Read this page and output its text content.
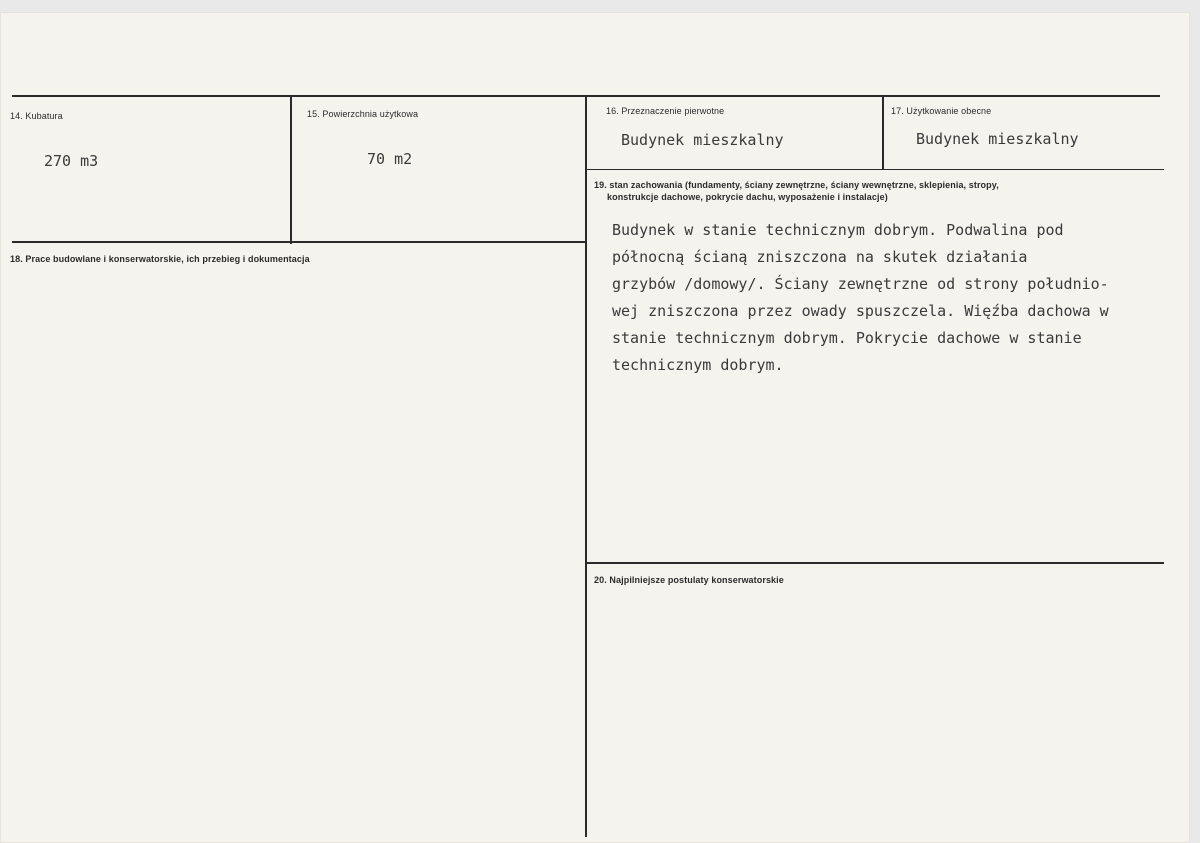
14. Kubatura
270 m3
15. Powierzchnia użytkowa
70 m2
16. Przeznaczenie pierwotne
Budynek mieszkalny
17. Użytkowanie obecne
Budynek mieszkalny
18. Prace budowlane i konserwatorskie, ich przebieg i dokumentacja
19. stan zachowania (fundamenty, ściany zewnętrzne, ściany wewnętrzne, sklepienia, stropy,
konstrukcje dachowe, pokrycie dachu, wyposażenie i instalacje)
Budynek w stanie technicznym dobrym. Podwalina pod
północną ścianą zniszczona na skutek działania
grzybów /domowy/. Ściany zewnętrzne od strony południo-
wej zniszczona przez owady spuszczela. Więźba dachowa w
stanie technicznym dobrym. Pokrycie dachowe w stanie
technicznym dobrym.
20. Najpilniejsze postulaty konserwatorskie
